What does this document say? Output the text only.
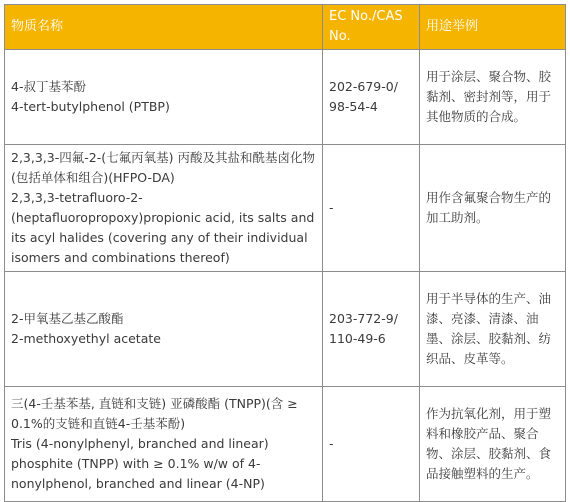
物质名称	EC No./CAS No.	用途举例

4-叔丁基苯酚
4-tert-butylphenol (PTBP)	202-679-0/ 98-54-4	用于涂层、聚合物、胶黏剂、密封剂等，用于其他物质的合成。

2,3,3,3-四氟-2-(七氟丙氧基) 丙酸及其盐和酰基卤化物(包括单体和组合)(HFPO-DA)
2,3,3,3-tetrafluoro-2-(heptafluoropropoxy)propionic acid, its salts and its acyl halides (covering any of their individual isomers and combinations thereof)	-	用作含氟聚合物生产的加工助剂。

2-甲氧基乙基乙酸酯
2-methoxyethyl acetate	203-772-9/ 110-49-6	用于半导体的生产、油漆、亮漆、清漆、油墨、涂层、胶黏剂、纺织品、皮革等。

三(4-壬基苯基, 直链和支链) 亚磷酸酯 (TNPP)(含 ≥ 0.1%的支链和直链4-壬基苯酚)
Tris (4-nonylphenyl, branched and linear) phosphite (TNPP) with ≥ 0.1% w/w of 4-nonylphenol, branched and linear (4-NP)	-	作为抗氧化剂，用于塑料和橡胶产品、聚合物、涂层、胶黏剂、食品接触塑料的生产。
